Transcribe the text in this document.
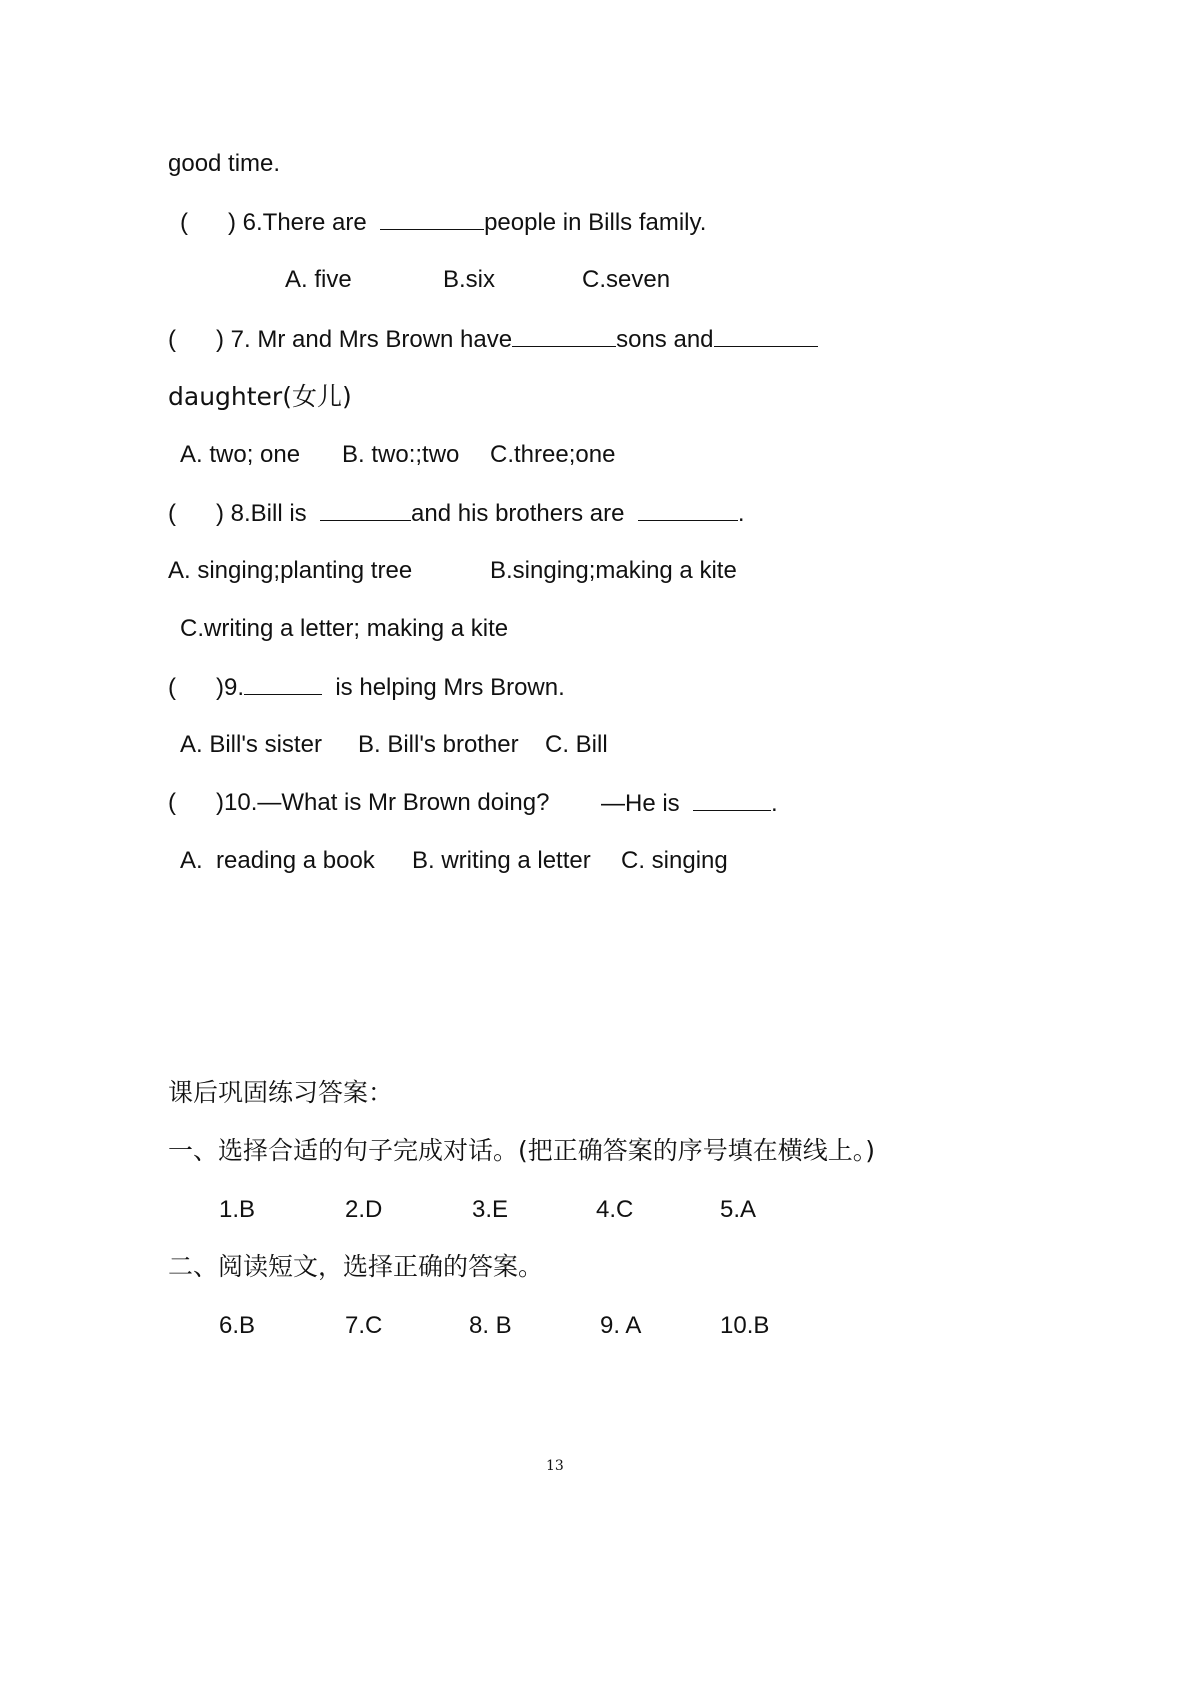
good time.
(      ) 6.There are	people in Bills family.
A. five	B.six	C.seven
(      ) 7. Mr and Mrs Brown have	sons and
daughter(女儿)
A. two; one B. two:;two C.three;one
(      ) 8.Bill is	and his brothers are	.
A. singing;planting tree	B.singing;making a kite
C.writing a letter; making a kite
(      )9.	is helping Mrs Brown.
A. Bill's sister B. Bill's brother C. Bill
(      )10.—What is Mr Brown doing? —He is	.
A.  reading a book B. writing a letter C. singing
课后巩固练习答案：
一、选择合适的句子完成对话。(把正确答案的序号填在横线上。)
1.B	2.D	3.E	4.C	5.A
二、阅读短文，选择正确的答案。
6.B	7.C	8. B	9. A	10.B
13
